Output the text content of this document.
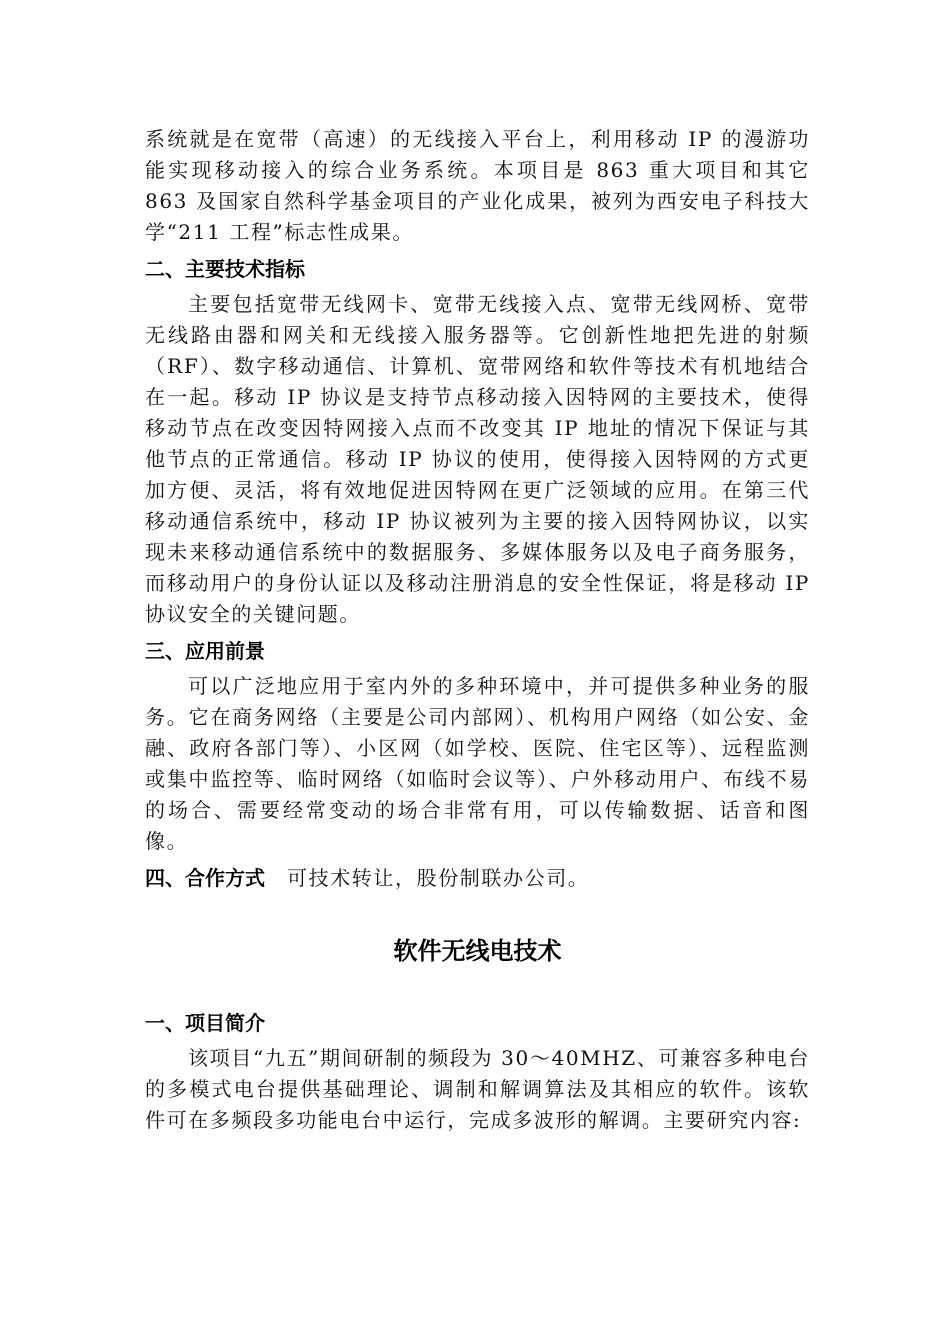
系统就是在宽带（高速）的无线接入平台上，利用移动 IP 的漫游功能实现移动接入的综合业务系统。本项目是 863 重大项目和其它 863 及国家自然科学基金项目的产业化成果，被列为西安电子科技大学“211 工程”标志性成果。

二、主要技术指标

主要包括宽带无线网卡、宽带无线接入点、宽带无线网桥、宽带无线路由器和网关和无线接入服务器等。它创新性地把先进的射频（RF）、数字移动通信、计算机、宽带网络和软件等技术有机地结合在一起。移动 IP 协议是支持节点移动接入因特网的主要技术，使得移动节点在改变因特网接入点而不改变其 IP 地址的情况下保证与其他节点的正常通信。移动 IP 协议的使用，使得接入因特网的方式更加方便、灵活，将有效地促进因特网在更广泛领域的应用。在第三代移动通信系统中，移动 IP 协议被列为主要的接入因特网协议，以实现未来移动通信系统中的数据服务、多媒体服务以及电子商务服务，而移动用户的身份认证以及移动注册消息的安全性保证，将是移动 IP 协议安全的关键问题。

三、应用前景

可以广泛地应用于室内外的多种环境中，并可提供多种业务的服务。它在商务网络（主要是公司内部网）、机构用户网络（如公安、金融、政府各部门等）、小区网（如学校、医院、住宅区等）、远程监测或集中监控等、临时网络（如临时会议等）、户外移动用户、布线不易的场合、需要经常变动的场合非常有用，可以传输数据、话音和图像。

四、合作方式 可技术转让，股份制联办公司。
软件无线电技术
一、项目简介

该项目“九五”期间研制的频段为 30～40MHZ、可兼容多种电台的多模式电台提供基础理论、调制和解调算法及其相应的软件。该软件可在多频段多功能电台中运行，完成多波形的解调。主要研究内容:
